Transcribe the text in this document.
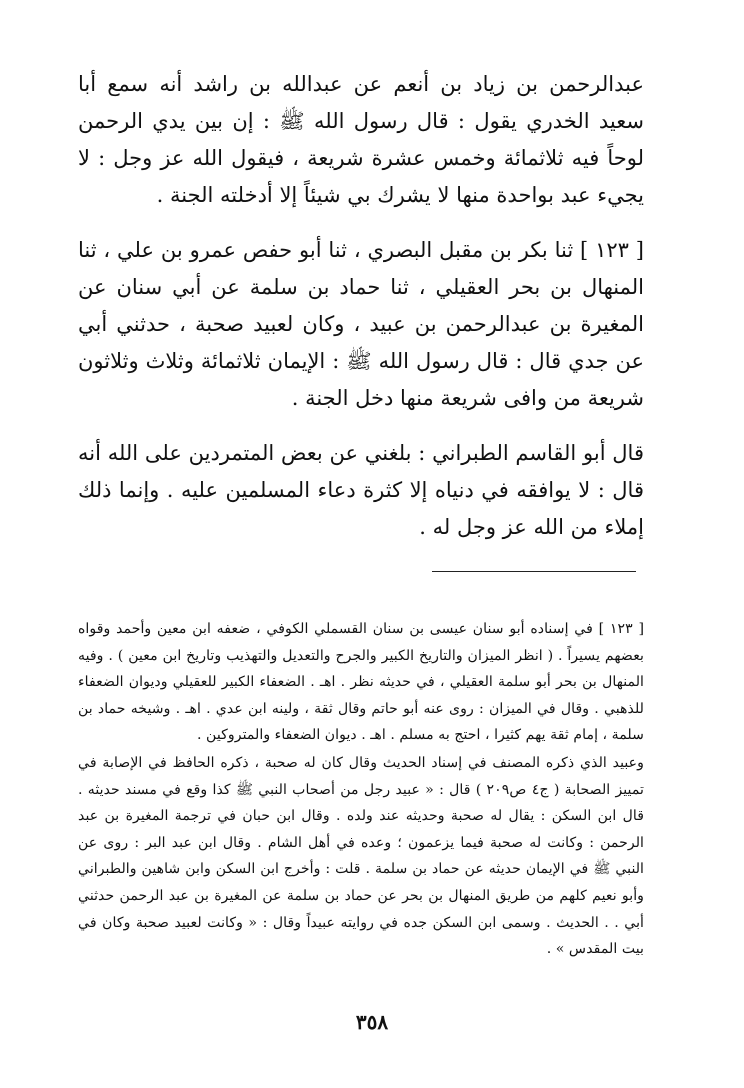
عبدالرحمن بن زياد بن أنعم عن عبدالله بن راشد أنه سمع أبا سعيد الخدري يقول : قال رسول الله ﷺ : إن بين يدي الرحمن لوحاً فيه ثلاثمائة وخمس عشرة شريعة ، فيقول الله عز وجل : لا يجيء عبد بواحدة منها لا يشرك بي شيئاً إلا أدخلته الجنة .

[ ١٢٣ ] ثنا بكر بن مقبل البصري ، ثنا أبو حفص عمرو بن علي ، ثنا المنهال بن بحر العقيلي ، ثنا حماد بن سلمة عن أبي سنان عن المغيرة بن عبدالرحمن بن عبيد ، وكان لعبيد صحبة ، حدثني أبي عن جدي قال : قال رسول الله ﷺ : الإيمان ثلاثمائة وثلاث وثلاثون شريعة من وافى شريعة منها دخل الجنة .

قال أبو القاسم الطبراني : بلغني عن بعض المتمردين على الله أنه قال : لا يوافقه في دنياه إلا كثرة دعاء المسلمين عليه . وإنما ذلك إملاء من الله عز وجل له .

[ ١٢٣ ] في إسناده أبو سنان عيسى بن سنان القسملي الكوفي ، ضعفه ابن معين وأحمد وقواه بعضهم يسيراً . ( انظر الميزان والتاريخ الكبير والجرح والتعديل والتهذيب وتاريخ ابن معين ) . وفيه المنهال بن بحر أبو سلمة العقيلي ، في حديثه نظر . اهـ . الضعفاء الكبير للعقيلي وديوان الضعفاء للذهبي . وقال في الميزان : روى عنه أبو حاتم وقال ثقة ، ولينه ابن عدي . اهـ . وشيخه حماد بن سلمة ، إمام ثقة يهم كثيرا ، احتج به مسلم . اهـ . ديوان الضعفاء والمتروكين .

وعبيد الذي ذكره المصنف في إسناد الحديث وقال كان له صحبة ، ذكره الحافظ في الإصابة في تمييز الصحابة ( ج٤ ص٢٠٩ ) قال : « عبيد رجل من أصحاب النبي ﷺ كذا وقع في مسند حديثه . قال ابن السكن : يقال له صحبة وحديثه عند ولده . وقال ابن حبان في ترجمة المغيرة بن عبد الرحمن : وكانت له صحبة فيما يزعمون ؛ وعده في أهل الشام . وقال ابن عبد البر : روى عن النبي ﷺ في الإيمان حديثه عن حماد بن سلمة . قلت : وأخرج ابن السكن وابن شاهين والطبراني وأبو نعيم كلهم من طريق المنهال بن بحر عن حماد بن سلمة عن المغيرة بن عبد الرحمن حدثني أبي . . الحديث . وسمى ابن السكن جده في روايته عبيداً وقال : « وكانت لعبيد صحبة وكان في بيت المقدس » .

٣٥٨
